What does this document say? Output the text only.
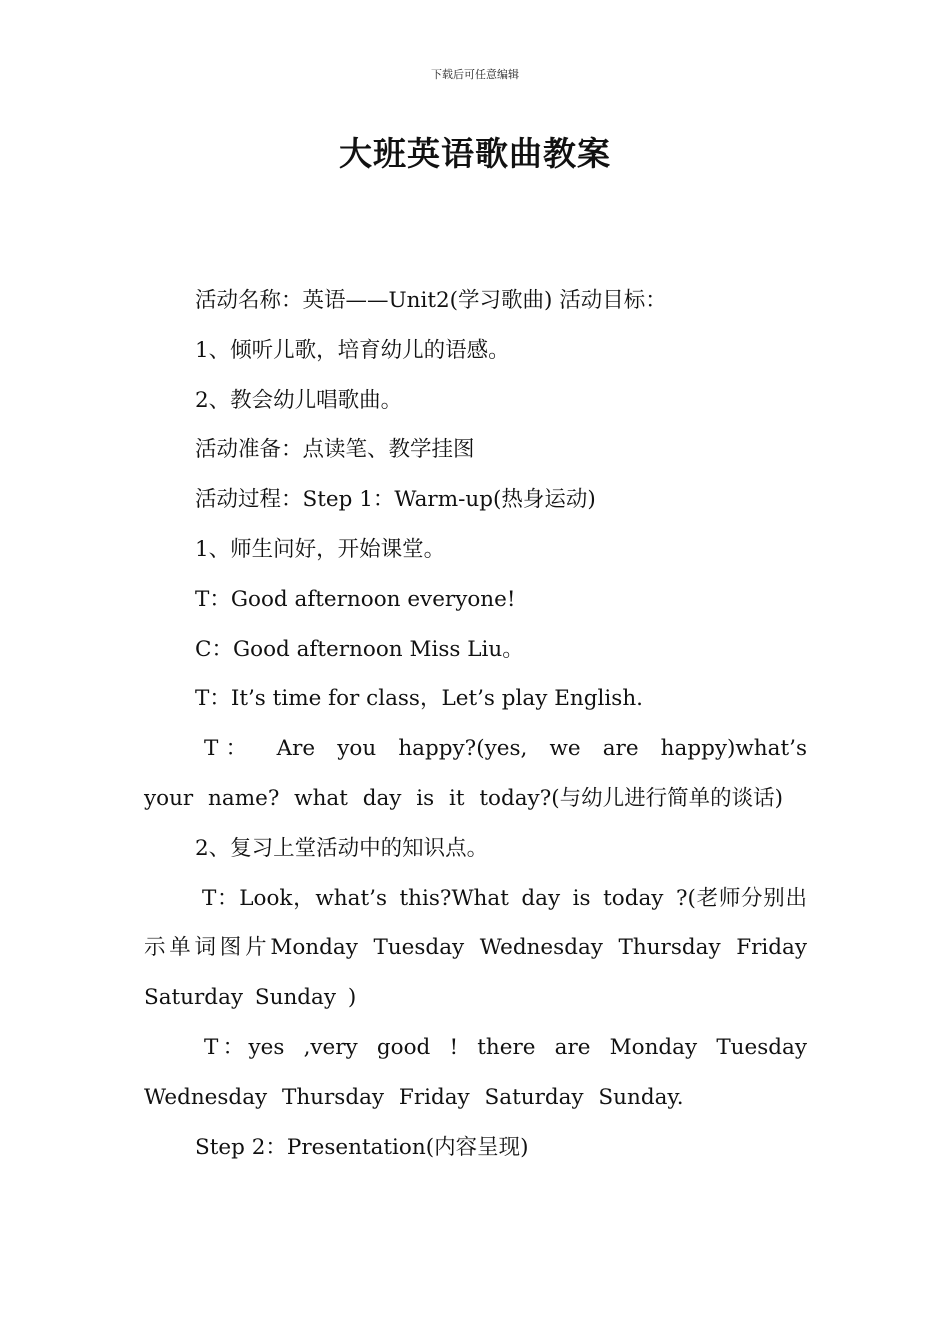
下载后可任意编辑
大班英语歌曲教案

活动名称：英语——Unit2(学习歌曲) 活动目标：

1、倾听儿歌，培育幼儿的语感。

2、教会幼儿唱歌曲。

活动准备：点读笔、教学挂图

活动过程：Step 1：Warm-up(热身运动)

1、师生问好，开始课堂。

T：Good afternoon everyone!

C：Good afternoon Miss Liu。

T：It’s time for class，Let’s play English.

T： Are you happy?(yes, we are happy)what’s your name? what day is it today?(与幼儿进行简单的谈话)

2、复习上堂活动中的知识点。

T：Look，what’s this?What day is today ?(老师分别出示单词图片Monday Tuesday Wednesday Thursday Friday Saturday Sunday )

T：yes ,very good ! there are Monday Tuesday Wednesday Thursday Friday Saturday Sunday.

Step 2：Presentation(内容呈现)
